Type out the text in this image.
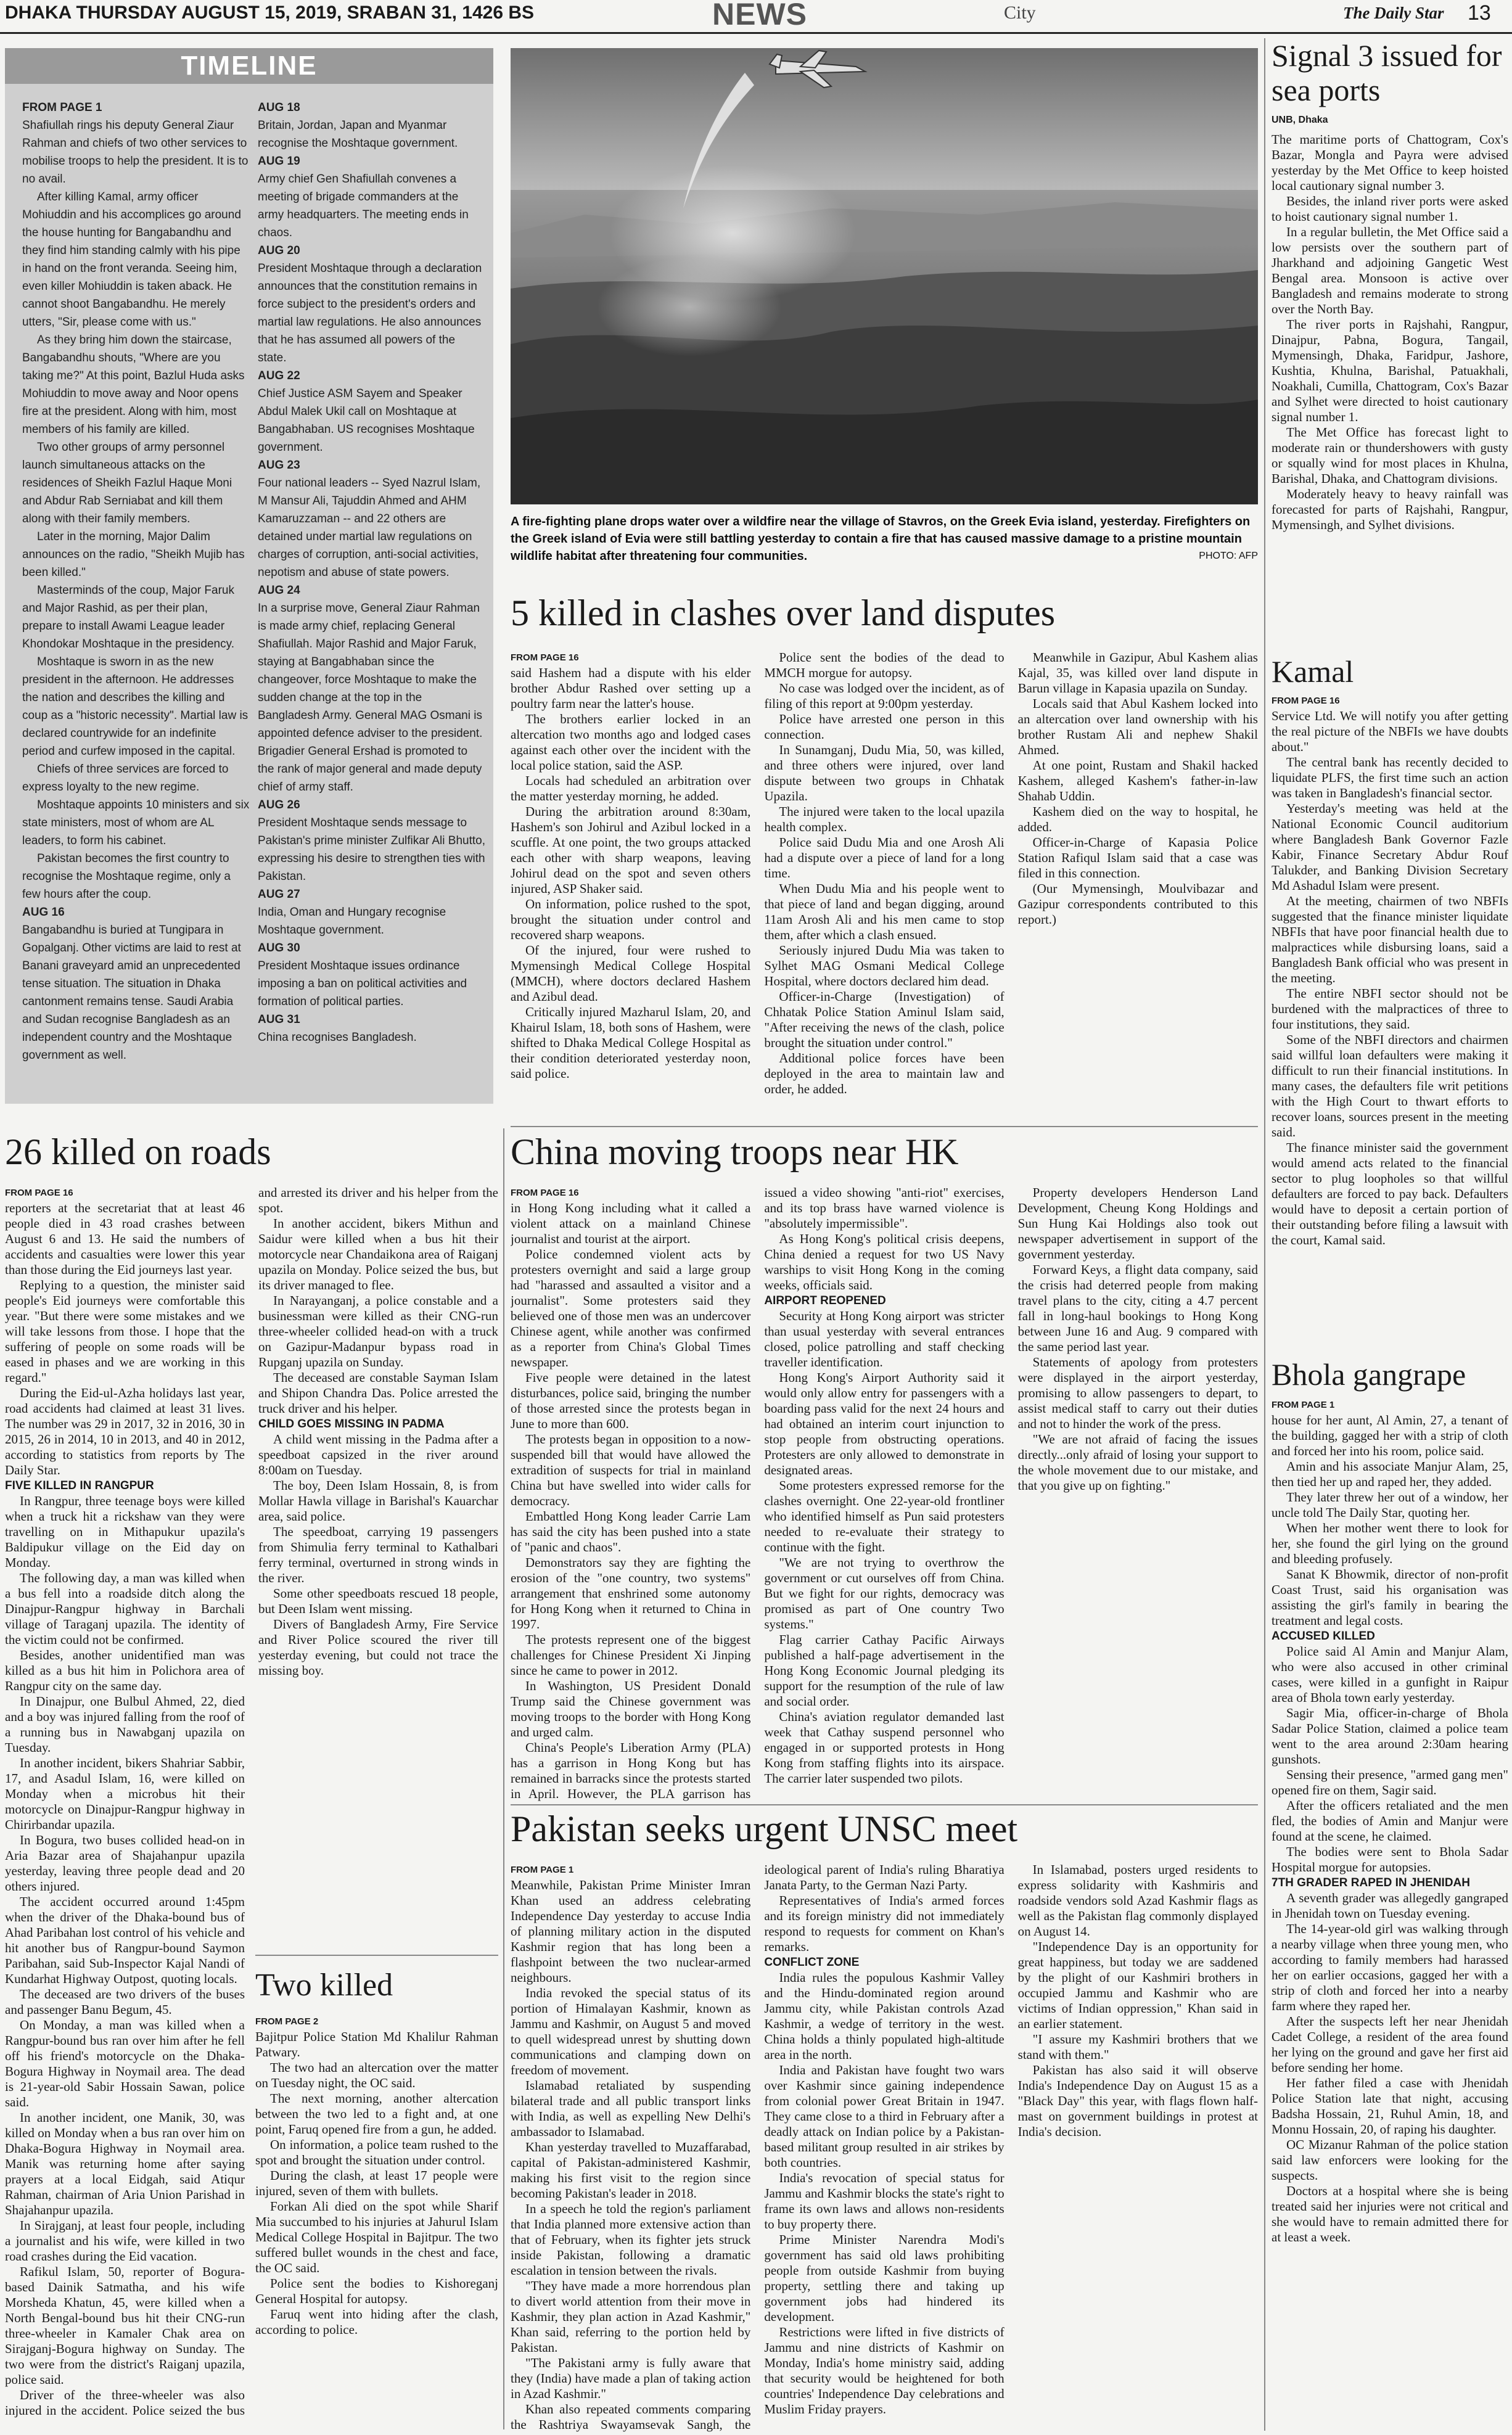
DHAKA THURSDAY AUGUST 15, 2019, SRABAN 31, 1426 BS	NEWS	City	The Daily Star 13
TIMELINE
FROM PAGE 1

Shafiullah rings his deputy General Ziaur Rahman and chiefs of two other services to mobilise troops to help the president. It is to no avail.

After killing Kamal, army officer Mohiuddin and his accomplices go around the house hunting for Bangabandhu and they find him standing calmly with his pipe in hand on the front veranda. Seeing him, even killer Mohiuddin is taken aback. He cannot shoot Bangabandhu. He merely utters, "Sir, please come with us."

As they bring him down the staircase, Bangabandhu shouts, "Where are you taking me?" At this point, Bazlul Huda asks Mohiuddin to move away and Noor opens fire at the president. Along with him, most members of his family are killed.

Two other groups of army personnel launch simultaneous attacks on the residences of Sheikh Fazlul Haque Moni and Abdur Rab Serniabat and kill them along with their family members.

Later in the morning, Major Dalim announces on the radio, "Sheikh Mujib has been killed."

Masterminds of the coup, Major Faruk and Major Rashid, as per their plan, prepare to install Awami League leader Khondokar Moshtaque in the presidency.

Moshtaque is sworn in as the new president in the afternoon. He addresses the nation and describes the killing and coup as a "historic necessity". Martial law is declared countrywide for an indefinite period and curfew imposed in the capital.

Chiefs of three services are forced to express loyalty to the new regime.

Moshtaque appoints 10 ministers and six state ministers, most of whom are AL leaders, to form his cabinet.

Pakistan becomes the first country to recognise the Moshtaque regime, only a few hours after the coup.

AUG 16

Bangabandhu is buried at Tungipara in Gopalganj. Other victims are laid to rest at Banani graveyard amid an unprecedented tense situation. The situation in Dhaka cantonment remains tense. Saudi Arabia and Sudan recognise Bangladesh as an independent country and the Moshtaque government as well.

AUG 18

Britain, Jordan, Japan and Myanmar recognise the Moshtaque government.

AUG 19

Army chief Gen Shafiullah convenes a meeting of brigade commanders at the army headquarters. The meeting ends in chaos.

AUG 20

President Moshtaque through a declaration announces that the constitution remains in force subject to the president's orders and martial law regulations. He also announces that he has assumed all powers of the state.

AUG 22

Chief Justice ASM Sayem and Speaker Abdul Malek Ukil call on Moshtaque at Bangabhaban. US recognises Moshtaque government.

AUG 23

Four national leaders -- Syed Nazrul Islam, M Mansur Ali, Tajuddin Ahmed and AHM Kamaruzzaman -- and 22 others are detained under martial law regulations on charges of corruption, anti-social activities, nepotism and abuse of state powers.

AUG 24

In a surprise move, General Ziaur Rahman is made army chief, replacing General Shafiullah. Major Rashid and Major Faruk, staying at Bangabhaban since the changeover, force Moshtaque to make the sudden change at the top in the Bangladesh Army. General MAG Osmani is appointed defence adviser to the president. Brigadier General Ershad is promoted to the rank of major general and made deputy chief of army staff.

AUG 26

President Moshtaque sends message to Pakistan's prime minister Zulfikar Ali Bhutto, expressing his desire to strengthen ties with Pakistan.

AUG 27

India, Oman and Hungary recognise Moshtaque government.

AUG 30

President Moshtaque issues ordinance imposing a ban on political activities and formation of political parties.

AUG 31

China recognises Bangladesh.

A fire-fighting plane drops water over a wildfire near the village of Stavros, on the Greek Evia island, yesterday. Firefighters on the Greek island of Evia were still battling yesterday to contain a fire that has caused massive damage to a pristine mountain wildlife habitat after threatening four communities.	PHOTO: AFP
5 killed in clashes over land disputes

FROM PAGE 16

said Hashem had a dispute with his elder brother Abdur Rashed over setting up a poultry farm near the latter's house.

The brothers earlier locked in an altercation two months ago and lodged cases against each other over the incident with the local police station, said the ASP.

Locals had scheduled an arbitration over the matter yesterday morning, he added.

During the arbitration around 8:30am, Hashem's son Johirul and Azibul locked in a scuffle. At one point, the two groups attacked each other with sharp weapons, leaving Johirul dead on the spot and seven others injured, ASP Shaker said.

On information, police rushed to the spot, brought the situation under control and recovered sharp weapons.

Of the injured, four were rushed to Mymensingh Medical College Hospital (MMCH), where doctors declared Hashem and Azibul dead.

Critically injured Mazharul Islam, 20, and Khairul Islam, 18, both sons of Hashem, were shifted to Dhaka Medical College Hospital as their condition deteriorated yesterday noon, said police.

Police sent the bodies of the dead to MMCH morgue for autopsy.

No case was lodged over the incident, as of filing of this report at 9:00pm yesterday.

Police have arrested one person in this connection.

In Sunamganj, Dudu Mia, 50, was killed, and three others were injured, over land dispute between two groups in Chhatak Upazila.

The injured were taken to the local upazila health complex.

Police said Dudu Mia and one Arosh Ali had a dispute over a piece of land for a long time.

When Dudu Mia and his people went to that piece of land and began digging, around 11am Arosh Ali and his men came to stop them, after which a clash ensued.

Seriously injured Dudu Mia was taken to Sylhet MAG Osmani Medical College Hospital, where doctors declared him dead.

Officer-in-Charge (Investigation) of Chhatak Police Station Aminul Islam said, "After receiving the news of the clash, police brought the situation under control."

Additional police forces have been deployed in the area to maintain law and order, he added.

Meanwhile in Gazipur, Abul Kashem alias Kajal, 35, was killed over land dispute in Barun village in Kapasia upazila on Sunday.

Locals said that Abul Kashem locked into an altercation over land ownership with his brother Rustam Ali and nephew Shakil Ahmed.

At one point, Rustam and Shakil hacked Kashem, alleged Kashem's father-in-law Shahab Uddin.

Kashem died on the way to hospital, he added.

Officer-in-Charge of Kapasia Police Station Rafiqul Islam said that a case was filed in this connection.

(Our Mymensingh, Moulvibazar and Gazipur correspondents contributed to this report.)

Signal 3 issued for sea ports
UNB, Dhaka

The maritime ports of Chattogram, Cox's Bazar, Mongla and Payra were advised yesterday by the Met Office to keep hoisted local cautionary signal number 3.

Besides, the inland river ports were asked to hoist cautionary signal number 1.

In a regular bulletin, the Met Office said a low persists over the southern part of Jharkhand and adjoining Gangetic West Bengal area. Monsoon is active over Bangladesh and remains moderate to strong over the North Bay.

The river ports in Rajshahi, Rangpur, Dinajpur, Pabna, Bogura, Tangail, Mymensingh, Dhaka, Faridpur, Jashore, Kushtia, Khulna, Barishal, Patuakhali, Noakhali, Cumilla, Chattogram, Cox's Bazar and Sylhet were directed to hoist cautionary signal number 1.

The Met Office has forecast light to moderate rain or thundershowers with gusty or squally wind for most places in Khulna, Barishal, Dhaka, and Chattogram divisions.

Moderately heavy to heavy rainfall was forecasted for parts of Rajshahi, Rangpur, Mymensingh, and Sylhet divisions.

Kamal

FROM PAGE 16

Service Ltd. We will notify you after getting the real picture of the NBFIs we have doubts about."

The central bank has recently decided to liquidate PLFS, the first time such an action was taken in Bangladesh's financial sector.

Yesterday's meeting was held at the National Economic Council auditorium where Bangladesh Bank Governor Fazle Kabir, Finance Secretary Abdur Rouf Talukder, and Banking Division Secretary Md Ashadul Islam were present.

At the meeting, chairmen of two NBFIs suggested that the finance minister liquidate NBFIs that have poor financial health due to malpractices while disbursing loans, said a Bangladesh Bank official who was present in the meeting.

The entire NBFI sector should not be burdened with the malpractices of three to four institutions, they said.

Some of the NBFI directors and chairmen said willful loan defaulters were making it difficult to run their financial institutions. In many cases, the defaulters file writ petitions with the High Court to thwart efforts to recover loans, sources present in the meeting said.

The finance minister said the government would amend acts related to the financial sector to plug loopholes so that willful defaulters are forced to pay back. Defaulters would have to deposit a certain portion of their outstanding before filing a lawsuit with the court, Kamal said.

Bhola gangrape

FROM PAGE 1

house for her aunt, Al Amin, 27, a tenant of the building, gagged her with a strip of cloth and forced her into his room, police said.

Amin and his associate Manjur Alam, 25, then tied her up and raped her, they added.

They later threw her out of a window, her uncle told The Daily Star, quoting her.

When her mother went there to look for her, she found the girl lying on the ground and bleeding profusely.

Sanat K Bhowmik, director of non-profit Coast Trust, said his organisation was assisting the girl's family in bearing the treatment and legal costs.

ACCUSED KILLED

Police said Al Amin and Manjur Alam, who were also accused in other criminal cases, were killed in a gunfight in Raipur area of Bhola town early yesterday.

Sagir Mia, officer-in-charge of Bhola Sadar Police Station, claimed a police team went to the area around 2:30am hearing gunshots.

Sensing their presence, "armed gang men" opened fire on them, Sagir said.

After the officers retaliated and the men fled, the bodies of Amin and Manjur were found at the scene, he claimed.

The bodies were sent to Bhola Sadar Hospital morgue for autopsies.

7TH GRADER RAPED IN JHENIDAH

A seventh grader was allegedly gangraped in Jhenidah town on Tuesday evening.

The 14-year-old girl was walking through a nearby village when three young men, who according to family members had harassed her on earlier occasions, gagged her with a strip of cloth and forced her into a nearby farm where they raped her.

After the suspects left her near Jhenidah Cadet College, a resident of the area found her lying on the ground and gave her first aid before sending her home.

Her father filed a case with Jhenidah Police Station late that night, accusing Badsha Hossain, 21, Ruhul Amin, 18, and Monnu Hossain, 20, of raping his daughter.

OC Mizanur Rahman of the police station said law enforcers were looking for the suspects.

Doctors at a hospital where she is being treated said her injuries were not critical and she would have to remain admitted there for at least a week.

26 killed on roads

FROM PAGE 16

reporters at the secretariat that at least 46 people died in 43 road crashes between August 6 and 13. He said the numbers of accidents and casualties were lower this year than those during the Eid journeys last year.

Replying to a question, the minister said people's Eid journeys were comfortable this year. "But there were some mistakes and we will take lessons from those. I hope that the suffering of people on some roads will be eased in phases and we are working in this regard."

During the Eid-ul-Azha holidays last year, road accidents had claimed at least 31 lives. The number was 29 in 2017, 32 in 2016, 30 in 2015, 26 in 2014, 10 in 2013, and 40 in 2012, according to statistics from reports by The Daily Star.

FIVE KILLED IN RANGPUR

In Rangpur, three teenage boys were killed when a truck hit a rickshaw van they were travelling on in Mithapukur upazila's Baldipukur village on the Eid day on Monday.

The following day, a man was killed when a bus fell into a roadside ditch along the Dinajpur-Rangpur highway in Barchali village of Taraganj upazila. The identity of the victim could not be confirmed.

Besides, another unidentified man was killed as a bus hit him in Polichora area of Rangpur city on the same day.

In Dinajpur, one Bulbul Ahmed, 22, died and a boy was injured falling from the roof of a running bus in Nawabganj upazila on Tuesday.

In another incident, bikers Shahriar Sabbir, 17, and Asadul Islam, 16, were killed on Monday when a microbus hit their motorcycle on Dinajpur-Rangpur highway in Chirirbandar upazila.

In Bogura, two buses collided head-on in Aria Bazar area of Shajahanpur upazila yesterday, leaving three people dead and 20 others injured.

The accident occurred around 1:45pm when the driver of the Dhaka-bound bus of Ahad Paribahan lost control of his vehicle and hit another bus of Rangpur-bound Saymon Paribahan, said Sub-Inspector Kajal Nandi of Kundarhat Highway Outpost, quoting locals.

The deceased are two drivers of the buses and passenger Banu Begum, 45.

On Monday, a man was killed when a Rangpur-bound bus ran over him after he fell off his friend's motorcycle on the Dhaka-Bogura Highway in Noymail area. The dead is 21-year-old Sabir Hossain Sawan, police said.

In another incident, one Manik, 30, was killed on Monday when a bus ran over him on Dhaka-Bogura Highway in Noymail area. Manik was returning home after saying prayers at a local Eidgah, said Atiqur Rahman, chairman of Aria Union Parishad in Shajahanpur upazila.

In Sirajganj, at least four people, including a journalist and his wife, were killed in two road crashes during the Eid vacation.

Rafikul Islam, 50, reporter of Bogura-based Dainik Satmatha, and his wife Morsheda Khatun, 45, were killed when a North Bengal-bound bus hit their CNG-run three-wheeler in Kamaler Chak area on Sirajganj-Bogura highway on Sunday. The two were from the district's Raiganj upazila, police said.

Driver of the three-wheeler was also injured in the accident. Police seized the bus and arrested its driver and his helper from the spot.

In another accident, bikers Mithun and Saidur were killed when a bus hit their motorcycle near Chandaikona area of Raiganj upazila on Monday. Police seized the bus, but its driver managed to flee.

In Narayanganj, a police constable and a businessman were killed as their CNG-run three-wheeler collided head-on with a truck on Gazipur-Madanpur bypass road in Rupganj upazila on Sunday.

The deceased are constable Sayman Islam and Shipon Chandra Das. Police arrested the truck driver and his helper.

CHILD GOES MISSING IN PADMA

A child went missing in the Padma after a speedboat capsized in the river around 8:00am on Tuesday.

The boy, Deen Islam Hossain, 8, is from Mollar Hawla village in Barishal's Kauarchar area, said police.

The speedboat, carrying 19 passengers from Shimulia ferry terminal to Kathalbari ferry terminal, overturned in strong winds in the river.

Some other speedboats rescued 18 people, but Deen Islam went missing.

Divers of Bangladesh Army, Fire Service and River Police scoured the river till yesterday evening, but could not trace the missing boy.

China moving troops near HK

FROM PAGE 16

in Hong Kong including what it called a violent attack on a mainland Chinese journalist and tourist at the airport.

Police condemned violent acts by protesters overnight and said a large group had "harassed and assaulted a visitor and a journalist". Some protesters said they believed one of those men was an undercover Chinese agent, while another was confirmed as a reporter from China's Global Times newspaper.

Five people were detained in the latest disturbances, police said, bringing the number of those arrested since the protests began in June to more than 600.

The protests began in opposition to a now-suspended bill that would have allowed the extradition of suspects for trial in mainland China but have swelled into wider calls for democracy.

Embattled Hong Kong leader Carrie Lam has said the city has been pushed into a state of "panic and chaos".

Demonstrators say they are fighting the erosion of the "one country, two systems" arrangement that enshrined some autonomy for Hong Kong when it returned to China in 1997.

The protests represent one of the biggest challenges for Chinese President Xi Jinping since he came to power in 2012.

In Washington, US President Donald Trump said the Chinese government was moving troops to the border with Hong Kong and urged calm.

China's People's Liberation Army (PLA) has a garrison in Hong Kong but has remained in barracks since the protests started in April. However, the PLA garrison has issued a video showing "anti-riot" exercises, and its top brass have warned violence is "absolutely impermissible".

As Hong Kong's political crisis deepens, China denied a request for two US Navy warships to visit Hong Kong in the coming weeks, officials said.

AIRPORT REOPENED

Security at Hong Kong airport was stricter than usual yesterday with several entrances closed, police patrolling and staff checking traveller identification.

Hong Kong's Airport Authority said it would only allow entry for passengers with a boarding pass valid for the next 24 hours and had obtained an interim court injunction to stop people from obstructing operations. Protesters are only allowed to demonstrate in designated areas.

Some protesters expressed remorse for the clashes overnight. One 22-year-old frontliner who identified himself as Pun said protesters needed to re-evaluate their strategy to continue with the fight.

"We are not trying to overthrow the government or cut ourselves off from China. But we fight for our rights, democracy was promised as part of One country Two systems."

Flag carrier Cathay Pacific Airways published a half-page advertisement in the Hong Kong Economic Journal pledging its support for the resumption of the rule of law and social order.

China's aviation regulator demanded last week that Cathay suspend personnel who engaged in or supported protests in Hong Kong from staffing flights into its airspace. The carrier later suspended two pilots.

Property developers Henderson Land Development, Cheung Kong Holdings and Sun Hung Kai Holdings also took out newspaper advertisement in support of the government yesterday.

Forward Keys, a flight data company, said the crisis had deterred people from making travel plans to the city, citing a 4.7 percent fall in long-haul bookings to Hong Kong between June 16 and Aug. 9 compared with the same period last year.

Statements of apology from protesters were displayed in the airport yesterday, promising to allow passengers to depart, to assist medical staff to carry out their duties and not to hinder the work of the press.

"We are not afraid of facing the issues directly...only afraid of losing your support to the whole movement due to our mistake, and that you give up on fighting."

Two killed

FROM PAGE 2

Bajitpur Police Station Md Khalilur Rahman Patwary.

The two had an altercation over the matter on Tuesday night, the OC said.

The next morning, another altercation between the two led to a fight and, at one point, Faruq opened fire from a gun, he added.

On information, a police team rushed to the spot and brought the situation under control.

During the clash, at least 17 people were injured, seven of them with bullets.

Forkan Ali died on the spot while Sharif Mia succumbed to his injuries at Jahurul Islam Medical College Hospital in Bajitpur. The two suffered bullet wounds in the chest and face, the OC said.

Police sent the bodies to Kishoreganj General Hospital for autopsy.

Faruq went into hiding after the clash, according to police.

Pakistan seeks urgent UNSC meet

FROM PAGE 1

Meanwhile, Pakistan Prime Minister Imran Khan used an address celebrating Independence Day yesterday to accuse India of planning military action in the disputed Kashmir region that has long been a flashpoint between the two nuclear-armed neighbours.

India revoked the special status of its portion of Himalayan Kashmir, known as Jammu and Kashmir, on August 5 and moved to quell widespread unrest by shutting down communications and clamping down on freedom of movement.

Islamabad retaliated by suspending bilateral trade and all public transport links with India, as well as expelling New Delhi's ambassador to Islamabad.

Khan yesterday travelled to Muzaffarabad, capital of Pakistan-administered Kashmir, making his first visit to the region since becoming Pakistan's leader in 2018.

In a speech he told the region's parliament that India planned more extensive action than that of February, when its fighter jets struck inside Pakistan, following a dramatic escalation in tension between the rivals.

"They have made a more horrendous plan to divert world attention from their move in Kashmir, they plan action in Azad Kashmir," Khan said, referring to the portion held by Pakistan.

"The Pakistani army is fully aware that they (India) have made a plan of taking action in Azad Kashmir."

Khan also repeated comments comparing the Rashtriya Swayamsevak Sangh, the ideological parent of India's ruling Bharatiya Janata Party, to the German Nazi Party.

Representatives of India's armed forces and its foreign ministry did not immediately respond to requests for comment on Khan's remarks.

CONFLICT ZONE

India rules the populous Kashmir Valley and the Hindu-dominated region around Jammu city, while Pakistan controls Azad Kashmir, a wedge of territory in the west. China holds a thinly populated high-altitude area in the north.

India and Pakistan have fought two wars over Kashmir since gaining independence from colonial power Great Britain in 1947. They came close to a third in February after a deadly attack on Indian police by a Pakistan-based militant group resulted in air strikes by both countries.

India's revocation of special status for Jammu and Kashmir blocks the state's right to frame its own laws and allows non-residents to buy property there.

Prime Minister Narendra Modi's government has said old laws prohibiting people from outside Kashmir from buying property, settling there and taking up government jobs had hindered its development.

Restrictions were lifted in five districts of Jammu and nine districts of Kashmir on Monday, India's home ministry said, adding that security would be heightened for both countries' Independence Day celebrations and Muslim Friday prayers.

In Islamabad, posters urged residents to express solidarity with Kashmiris and roadside vendors sold Azad Kashmir flags as well as the Pakistan flag commonly displayed on August 14.

"Independence Day is an opportunity for great happiness, but today we are saddened by the plight of our Kashmiri brothers in occupied Jammu and Kashmir who are victims of Indian oppression," Khan said in an earlier statement.

"I assure my Kashmiri brothers that we stand with them."

Pakistan has also said it will observe India's Independence Day on August 15 as a "Black Day" this year, with flags flown half-mast on government buildings in protest at India's decision.
